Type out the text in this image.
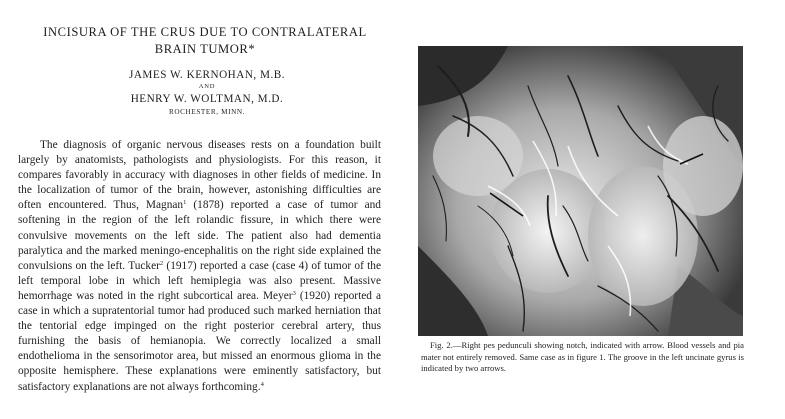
INCISURA OF THE CRUS DUE TO CONTRALATERAL
BRAIN TUMOR*
JAMES W. KERNOHAN, M.B.
AND
HENRY W. WOLTMAN, M.D.
ROCHESTER, MINN.

The diagnosis of organic nervous diseases rests on a foundation built largely by anatomists, pathologists and physiologists. For this reason, it compares favorably in accuracy with diagnoses in other fields of medicine. In the localization of tumor of the brain, however, astonishing difficulties are often encountered. Thus, Magnan$^1$ (1878) reported a case of tumor and softening in the region of the left rolandic fissure, in which there were convulsive movements on the left side. The patient also had dementia paralytica and the marked meningo-encephalitis on the right side explained the convulsions on the left. Tucker$^2$ (1917) reported a case (case 4) of tumor of the left temporal lobe in which left hemiplegia was also present. Massive hemorrhage was noted in the right subcortical area. Meyer$^3$ (1920) reported a case in which a supratentorial tumor had produced such marked herniation that the tentorial edge impinged on the right posterior cerebral artery, thus furnishing the basis of hemianopia. We correctly localized a small endothelioma in the sensorimotor area, but missed an enormous glioma in the opposite hemisphere. These explanations were eminently satisfactory, but satisfactory explanations are not always forthcoming.$^4$

Fig. 2.—Right pes pedunculi showing notch, indicated with arrow. Blood vessels and pia mater not entirely removed. Same case as in figure 1. The groove in the left uncinate gyrus is indicated by two arrows.
